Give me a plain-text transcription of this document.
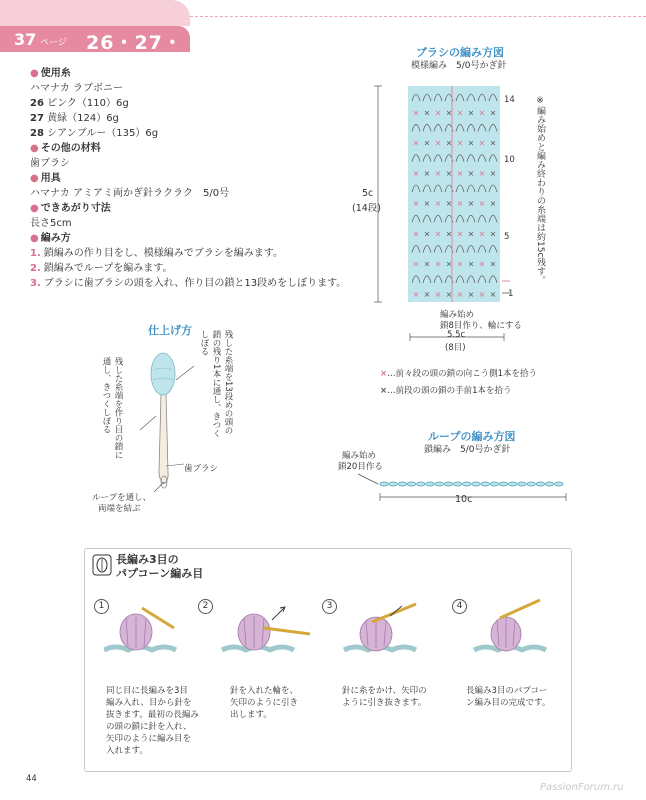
37 ページ 26・27・28
● 使用糸
ハマナカ ラブボニー
26 ピンク（110）6g
27 黄緑（124）6g
28 シアンブルー（135）6g
● その他の材料
歯ブラシ
● 用具
ハマナカ アミアミ両かぎ針ラクラク　5/0号
● できあがり寸法
長さ5cm
● 編み方
1. 鎖編みの作り目をし、模様編みでブラシを編みます。
2. 鎖編みでループを編みます。
3. ブラシに歯ブラシの頭を入れ、作り目の鎖と13段めをしぼります。
ブラシの編み方図
模様編み　5/0号かぎ針
× × × × × × × ×
× × × × × × × ×
× × × × × × × ×
× × × × × × × ×
× × × × × × × ×
× × × × × × × ×
× × × × × × × ×
14
10
5
1
5c
(14段)	※編み始めと編み終わりの糸端は約15c残す。
編み始め
鎖8目作り、輪にする
5.5c
(8目)
×…前々段の頭の鎖の向こう側1本を拾う
×…前段の頭の鎖の手前1本を拾う
ループの編み方図
鎖編み　5/0号かぎ針
編み始め
鎖20目作る
10c
仕上げ方	残した糸端を13段めの頭の鎖の残り1本に通し、きつくしぼる
残した糸端を作り目の鎖に通し、きつくしぼる
歯ブラシ
ループを通し、
両端を結ぶ
長編み3目の
パプコーン編み目
1	2	3	4
同じ目に長編みを3目
編み入れ、目から針を
抜きます。最初の長編み
の頭の鎖に針を入れ、
矢印のように編み目を
入れます。
針を入れた輪を、
矢印のように引き
出します。
針に糸をかけ、矢印の
ように引き抜きます。
長編み3目のパプコー
ン編み目の完成です。
44
PassionForum.ru
